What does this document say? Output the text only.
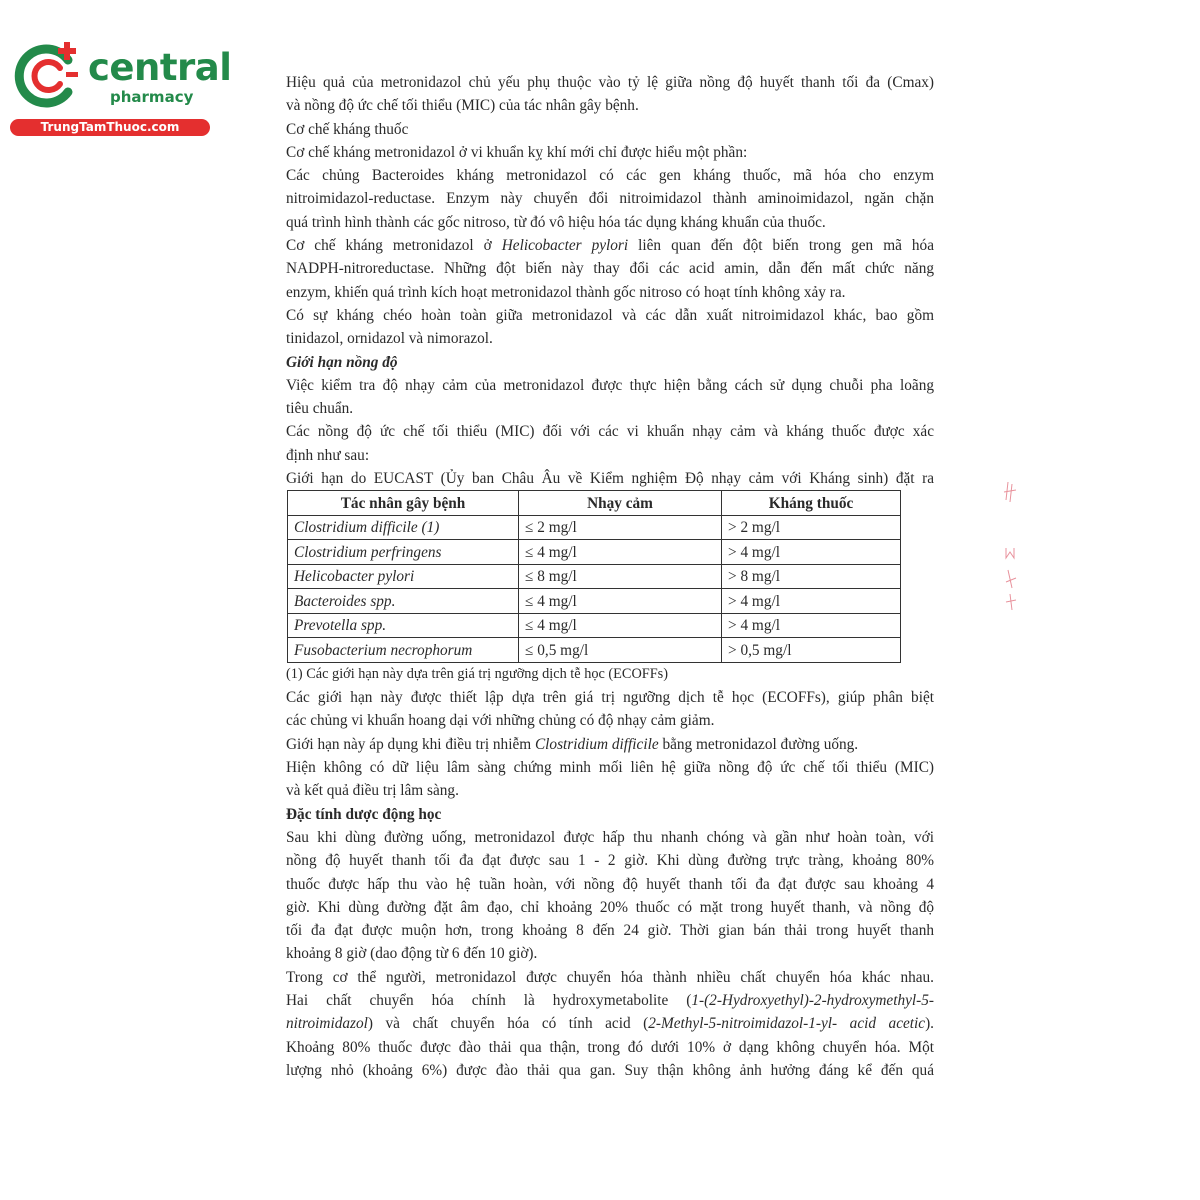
central
pharmacy
TrungTamThuoc.com

Hiệu quả của metronidazol chủ yếu phụ thuộc vào tỷ lệ giữa nồng độ huyết thanh tối đa (Cmax)

và nồng độ ức chế tối thiểu (MIC) của tác nhân gây bệnh.

Cơ chế kháng thuốc

Cơ chế kháng metronidazol ở vi khuẩn kỵ khí mới chỉ được hiểu một phần:

Các chủng Bacteroides kháng metronidazol có các gen kháng thuốc, mã hóa cho enzym

nitroimidazol-reductase. Enzym này chuyển đổi nitroimidazol thành aminoimidazol, ngăn chặn

quá trình hình thành các gốc nitroso, từ đó vô hiệu hóa tác dụng kháng khuẩn của thuốc.

Cơ chế kháng metronidazol ở Helicobacter pylori liên quan đến đột biến trong gen mã hóa

NADPH-nitroreductase. Những đột biến này thay đổi các acid amin, dẫn đến mất chức năng

enzym, khiến quá trình kích hoạt metronidazol thành gốc nitroso có hoạt tính không xảy ra.

Có sự kháng chéo hoàn toàn giữa metronidazol và các dẫn xuất nitroimidazol khác, bao gồm

tinidazol, ornidazol và nimorazol.

Giới hạn nồng độ

Việc kiểm tra độ nhạy cảm của metronidazol được thực hiện bằng cách sử dụng chuỗi pha loãng

tiêu chuẩn.

Các nồng độ ức chế tối thiểu (MIC) đối với các vi khuẩn nhạy cảm và kháng thuốc được xác

định như sau:

Giới hạn do EUCAST (Ủy ban Châu Âu về Kiểm nghiệm Độ nhạy cảm với Kháng sinh) đặt ra

Tác nhân gây bệnh	Nhạy cảm	Kháng thuốc
Clostridium difficile (1)	≤ 2 mg/l	> 2 mg/l
Clostridium perfringens	≤ 4 mg/l	> 4 mg/l
Helicobacter pylori	≤ 8 mg/l	> 8 mg/l
Bacteroides spp.	≤ 4 mg/l	> 4 mg/l
Prevotella spp.	≤ 4 mg/l	> 4 mg/l
Fusobacterium necrophorum	≤ 0,5 mg/l	> 0,5 mg/l

(1) Các giới hạn này dựa trên giá trị ngưỡng dịch tễ học (ECOFFs)

Các giới hạn này được thiết lập dựa trên giá trị ngưỡng dịch tễ học (ECOFFs), giúp phân biệt

các chủng vi khuẩn hoang dại với những chủng có độ nhạy cảm giảm.

Giới hạn này áp dụng khi điều trị nhiễm Clostridium difficile bằng metronidazol đường uống.

Hiện không có dữ liệu lâm sàng chứng minh mối liên hệ giữa nồng độ ức chế tối thiểu (MIC)

và kết quả điều trị lâm sàng.

Đặc tính dược động học

Sau khi dùng đường uống, metronidazol được hấp thu nhanh chóng và gần như hoàn toàn, với

nồng độ huyết thanh tối đa đạt được sau 1 - 2 giờ. Khi dùng đường trực tràng, khoảng 80%

thuốc được hấp thu vào hệ tuần hoàn, với nồng độ huyết thanh tối đa đạt được sau khoảng 4

giờ. Khi dùng đường đặt âm đạo, chỉ khoảng 20% thuốc có mặt trong huyết thanh, và nồng độ

tối đa đạt được muộn hơn, trong khoảng 8 đến 24 giờ. Thời gian bán thải trong huyết thanh

khoảng 8 giờ (dao động từ 6 đến 10 giờ).

Trong cơ thể người, metronidazol được chuyển hóa thành nhiều chất chuyển hóa khác nhau.

Hai chất chuyển hóa chính là hydroxymetabolite (1-(2-Hydroxyethyl)-2-hydroxymethyl-5-

nitroimidazol) và chất chuyển hóa có tính acid (2-Methyl-5-nitroimidazol-1-yl- acid acetic).

Khoảng 80% thuốc được đào thải qua thận, trong đó dưới 10% ở dạng không chuyển hóa. Một

lượng nhỏ (khoảng 6%) được đào thải qua gan. Suy thận không ảnh hưởng đáng kể đến quá
